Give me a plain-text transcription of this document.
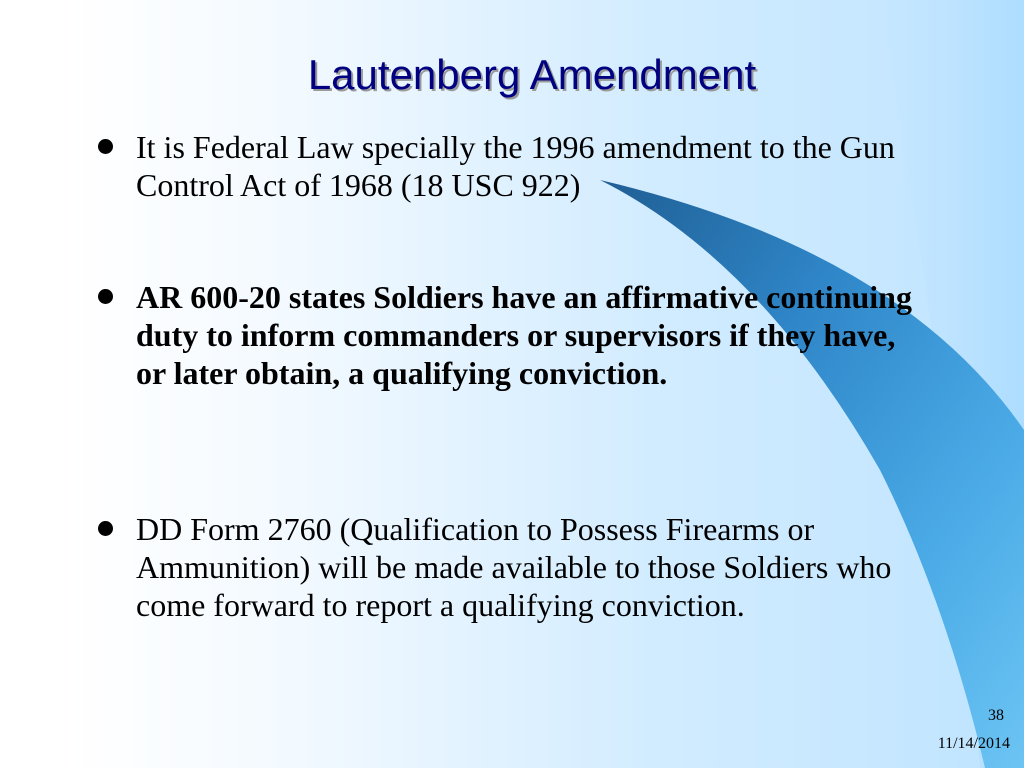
Lautenberg Amendment
It is Federal Law specially the 1996 amendment to the Gun Control Act of 1968 (18 USC 922)
AR 600-20 states Soldiers have an affirmative continuing duty to inform commanders or supervisors if they have, or later obtain, a qualifying conviction.
DD Form 2760 (Qualification to Possess Firearms or Ammunition) will be made available to those Soldiers who come forward to report a qualifying conviction.
38
11/14/2014
